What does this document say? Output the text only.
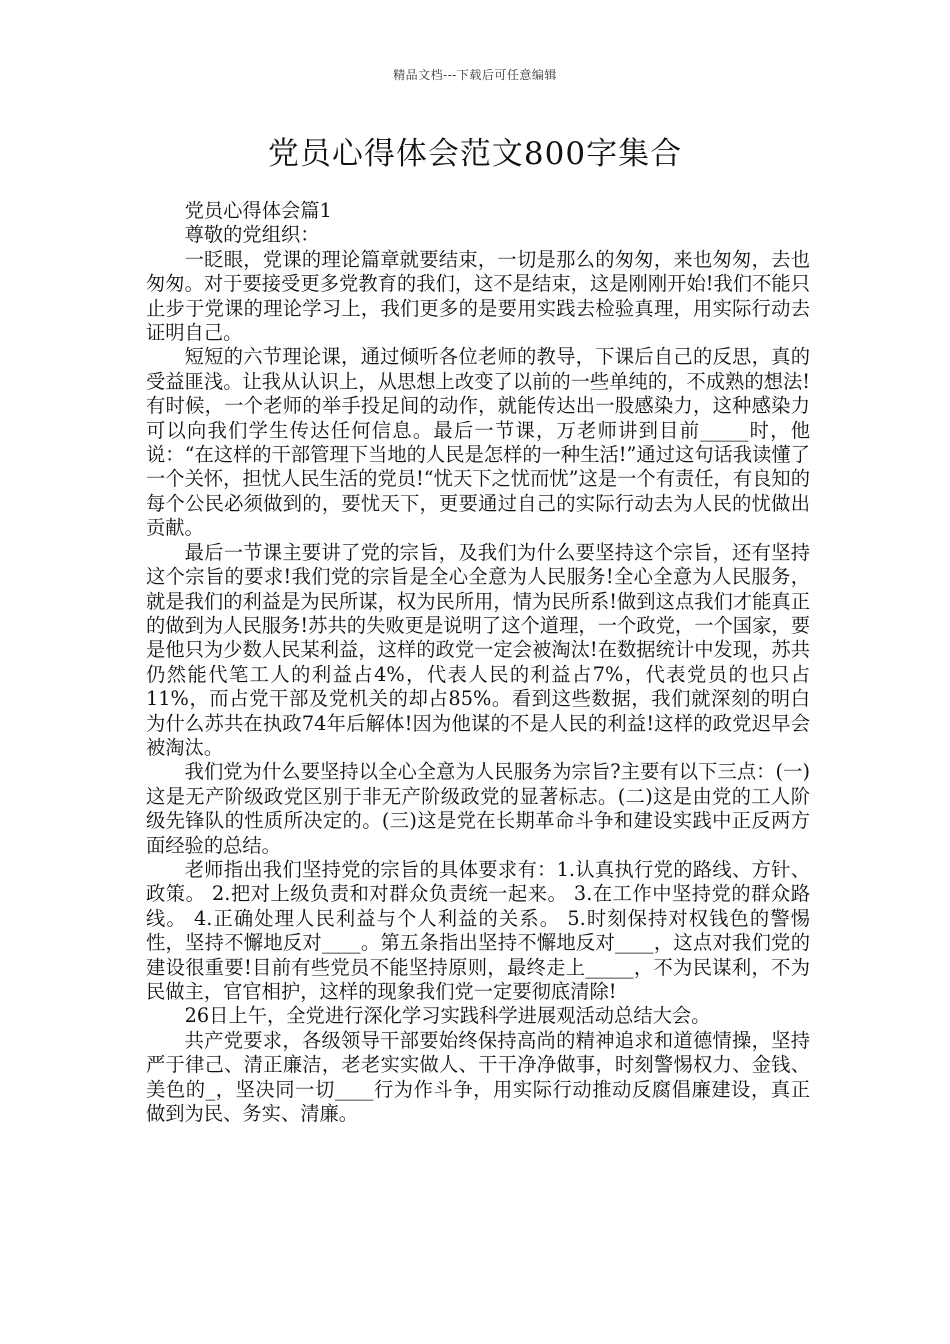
精品文档---下载后可任意编辑
党员心得体会范文800字集合

党员心得体会篇1

尊敬的党组织：

一眨眼，党课的理论篇章就要结束，一切是那么的匆匆，来也匆匆，去也匆匆。对于要接受更多党教育的我们，这不是结束，这是刚刚开始!我们不能只止步于党课的理论学习上，我们更多的是要用实践去检验真理，用实际行动去证明自己。

短短的六节理论课，通过倾听各位老师的教导，下课后自己的反思，真的受益匪浅。让我从认识上，从思想上改变了以前的一些单纯的，不成熟的想法!有时候，一个老师的举手投足间的动作，就能传达出一股感染力，这种感染力可以向我们学生传达任何信息。最后一节课，万老师讲到目前_____时，他说：“在这样的干部管理下当地的人民是怎样的一种生活!”通过这句话我读懂了一个关怀，担忧人民生活的党员!“忧天下之忧而忧”这是一个有责任，有良知的每个公民必须做到的，要忧天下，更要通过自己的实际行动去为人民的忧做出贡献。

最后一节课主要讲了党的宗旨，及我们为什么要坚持这个宗旨，还有坚持这个宗旨的要求!我们党的宗旨是全心全意为人民服务!全心全意为人民服务，就是我们的利益是为民所谋，权为民所用，情为民所系!做到这点我们才能真正的做到为人民服务!苏共的失败更是说明了这个道理，一个政党，一个国家，要是他只为少数人民某利益，这样的政党一定会被淘汰!在数据统计中发现，苏共仍然能代笔工人的利益占4%，代表人民的利益占7%，代表党员的也只占11%，而占党干部及党机关的却占85%。看到这些数据，我们就深刻的明白为什么苏共在执政74年后解体!因为他谋的不是人民的利益!这样的政党迟早会被淘汰。

我们党为什么要坚持以全心全意为人民服务为宗旨?主要有以下三点：(一)这是无产阶级政党区别于非无产阶级政党的显著标志。(二)这是由党的工人阶级先锋队的性质所决定的。(三)这是党在长期革命斗争和建设实践中正反两方面经验的总结。

老师指出我们坚持党的宗旨的具体要求有：1.认真执行党的路线、方针、政策。 2.把对上级负责和对群众负责统一起来。 3.在工作中坚持党的群众路线。 4.正确处理人民利益与个人利益的关系。 5.时刻保持对权钱色的警惕性，坚持不懈地反对____。第五条指出坚持不懈地反对____，这点对我们党的建设很重要!目前有些党员不能坚持原则，最终走上_____，不为民谋利，不为民做主，官官相护，这样的现象我们党一定要彻底清除!

26日上午，全党进行深化学习实践科学进展观活动总结大会。

共产党要求，各级领导干部要始终保持高尚的精神追求和道德情操，坚持严于律己、清正廉洁，老老实实做人、干干净净做事，时刻警惕权力、金钱、美色的_，坚决同一切____行为作斗争，用实际行动推动反腐倡廉建设，真正做到为民、务实、清廉。
